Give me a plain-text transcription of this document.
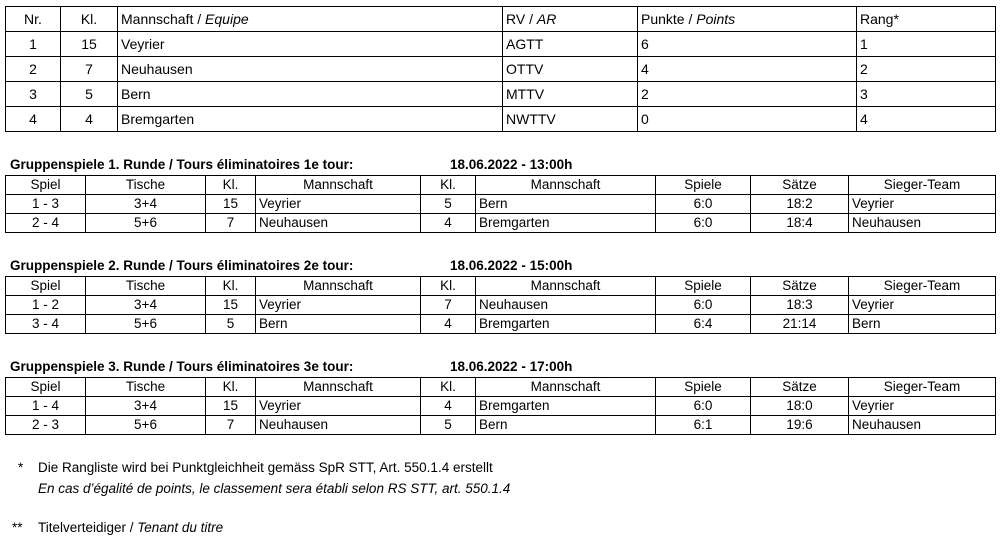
Nr.	Kl.	Mannschaft / Equipe	RV / AR	Punkte / Points	Rang*
1	15	Veyrier	AGTT	6	1
2	7	Neuhausen	OTTV	4	2
3	5	Bern	MTTV	2	3
4	4	Bremgarten	NWTTV	0	4
Gruppenspiele 1. Runde / Tours éliminatoires 1e tour:	18.06.2022 - 13:00h
Spiel	Tische	Kl.	Mannschaft	Kl.	Mannschaft	Spiele	Sätze	Sieger-Team
1 - 3	3+4	15	Veyrier	5	Bern	6:0	18:2	Veyrier
2 - 4	5+6	7	Neuhausen	4	Bremgarten	6:0	18:4	Neuhausen
Gruppenspiele 2. Runde / Tours éliminatoires 2e tour:	18.06.2022 - 15:00h
Spiel	Tische	Kl.	Mannschaft	Kl.	Mannschaft	Spiele	Sätze	Sieger-Team
1 - 2	3+4	15	Veyrier	7	Neuhausen	6:0	18:3	Veyrier
3 - 4	5+6	5	Bern	4	Bremgarten	6:4	21:14	Bern
Gruppenspiele 3. Runde / Tours éliminatoires 3e tour:	18.06.2022 - 17:00h
Spiel	Tische	Kl.	Mannschaft	Kl.	Mannschaft	Spiele	Sätze	Sieger-Team
1 - 4	3+4	15	Veyrier	4	Bremgarten	6:0	18:0	Veyrier
2 - 3	5+6	7	Neuhausen	5	Bern	6:1	19:6	Neuhausen
* Die Rangliste wird bei Punktgleichheit gemäss SpR STT, Art. 550.1.4 erstellt
En cas d’égalité de points, le classement sera établi selon RS STT, art. 550.1.4
** Titelverteidiger / Tenant du titre
